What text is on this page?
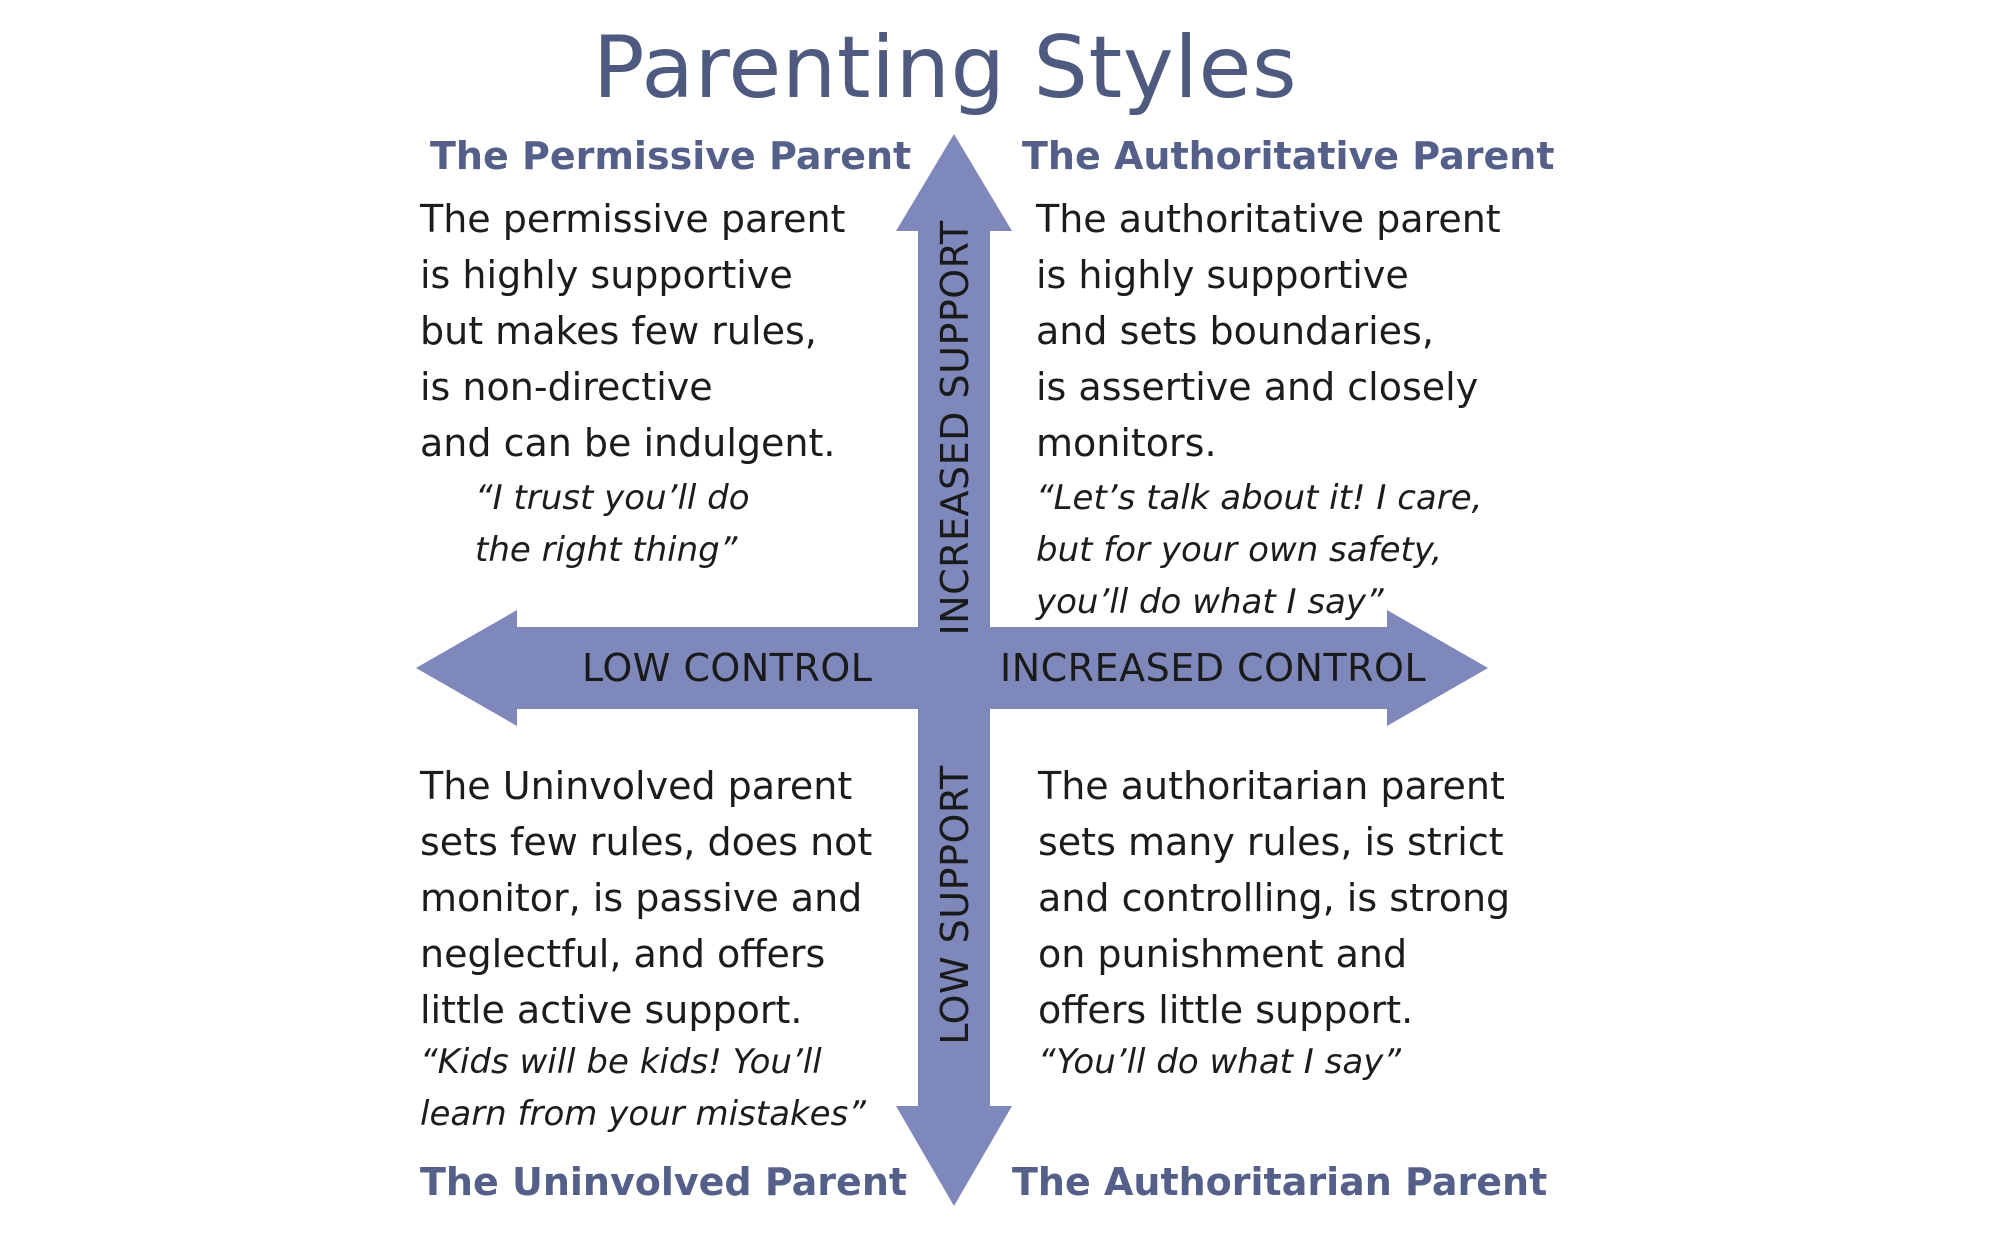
Parenting Styles
INCREASED SUPPORT
LOW SUPPORT
LOW CONTROL	INCREASED CONTROL
The Permissive Parent
The permissive parent
is highly supportive
but makes few rules,
is non-directive
and can be indulgent.
“I trust you’ll do
the right thing”
The Authoritative Parent
The authoritative parent
is highly supportive
and sets boundaries,
is assertive and closely
monitors.
“Let’s talk about it! I care,
but for your own safety,
you’ll do what I say”
The Uninvolved parent
sets few rules, does not
monitor, is passive and
neglectful, and offers
little active support.
“Kids will be kids! You’ll
learn from your mistakes”
The Uninvolved Parent
The authoritarian parent
sets many rules, is strict
and controlling, is strong
on punishment and
offers little support.
“You’ll do what I say”
The Authoritarian Parent
